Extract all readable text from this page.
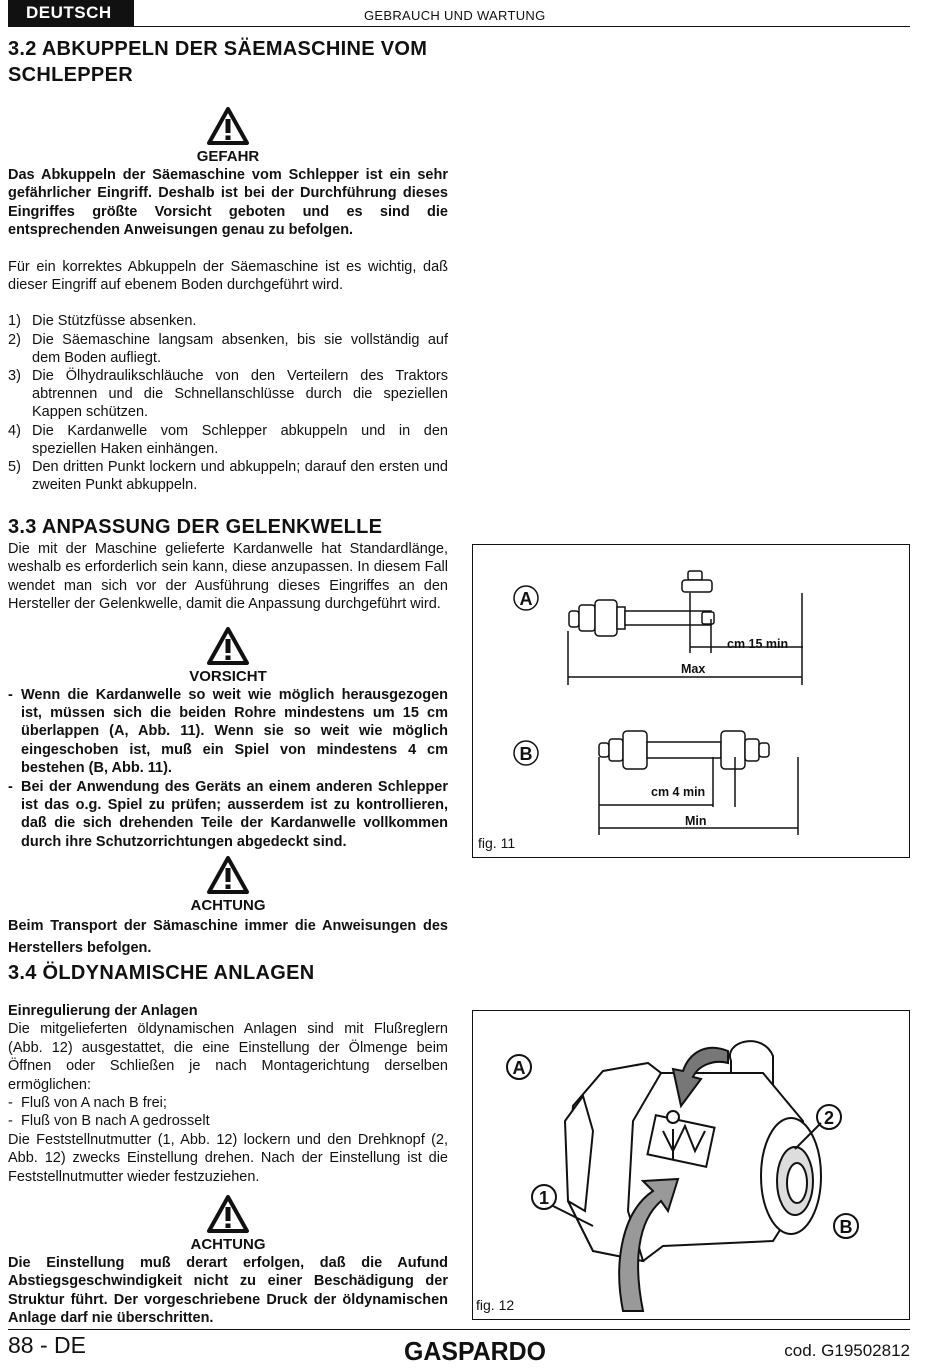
DEUTSCH	GEBRAUCH UND WARTUNG
3.2 ABKUPPELN DER SÄEMASCHINE VOM SCHLEPPER
GEFAHR
Das Abkuppeln der Säemaschine vom Schlepper ist ein sehr gefährlicher Eingriff. Deshalb ist bei der Durchführung dieses Eingriffes größte Vorsicht geboten und es sind die entsprechenden Anweisungen genau zu befolgen.
Für ein korrektes Abkuppeln der Säemaschine ist es wichtig, daß dieser Eingriff auf ebenem Boden durchgeführt wird.
1) Die Stützfüsse absenken.
2) Die Säemaschine langsam absenken, bis sie vollständig auf dem Boden aufliegt.
3) Die Ölhydraulikschläuche von den Verteilern des Traktors abtrennen und die Schnellanschlüsse durch die speziellen Kappen schützen.
4) Die Kardanwelle vom Schlepper abkuppeln und in den speziellen Haken einhängen.
5) Den dritten Punkt lockern und abkuppeln; darauf den ersten und zweiten Punkt abkuppeln.
3.3 ANPASSUNG DER GELENKWELLE
Die mit der Maschine gelieferte Kardanwelle hat Standardlänge, weshalb es erforderlich sein kann, diese anzupassen. In diesem Fall wendet man sich vor der Ausführung dieses Eingriffes an den Hersteller der Gelenkwelle, damit die Anpassung durchgeführt wird.
VORSICHT
- Wenn die Kardanwelle so weit wie möglich herausgezogen ist, müssen sich die beiden Rohre mindestens um 15 cm überlappen (A, Abb. 11). Wenn sie so weit wie möglich eingeschoben ist, muß ein Spiel von mindestens 4 cm bestehen (B, Abb. 11).
- Bei der Anwendung des Geräts an einem anderen Schlepper ist das o.g. Spiel zu prüfen; ausserdem ist zu kontrollieren, daß die sich drehenden Teile der Kardanwelle vollkommen durch ihre Schutzorrichtungen abgedeckt sind.
ACHTUNG
Beim Transport der Sämaschine immer die Anweisungen des Herstellers befolgen.
A
B
cm 15 min
Max
cm 4 min
Min
fig. 11
3.4 ÖLDYNAMISCHE ANLAGEN
Einregulierung der Anlagen
Die mitgelieferten öldynamischen Anlagen sind mit Flußreglern (Abb. 12) ausgestattet, die eine Einstellung der Ölmenge beim Öffnen oder Schließen je nach Montagerichtung derselben ermöglichen:
- Fluß von A nach B frei;
- Fluß von B nach A gedrosselt
Die Feststellnutmutter (1, Abb. 12) lockern und den Drehknopf (2, Abb. 12) zwecks Einstellung drehen. Nach der Einstellung ist die Feststellnutmutter wieder festzuziehen.
ACHTUNG
Die Einstellung muß derart erfolgen, daß die Aufund Abstiegsgeschwindigkeit nicht zu einer Beschädigung der Struktur führt. Der vorgeschriebene Druck der öldynamischen Anlage darf nie überschritten.
A
1
2
B
fig. 12
88 - DE	GASPARDO	cod. G19502812
